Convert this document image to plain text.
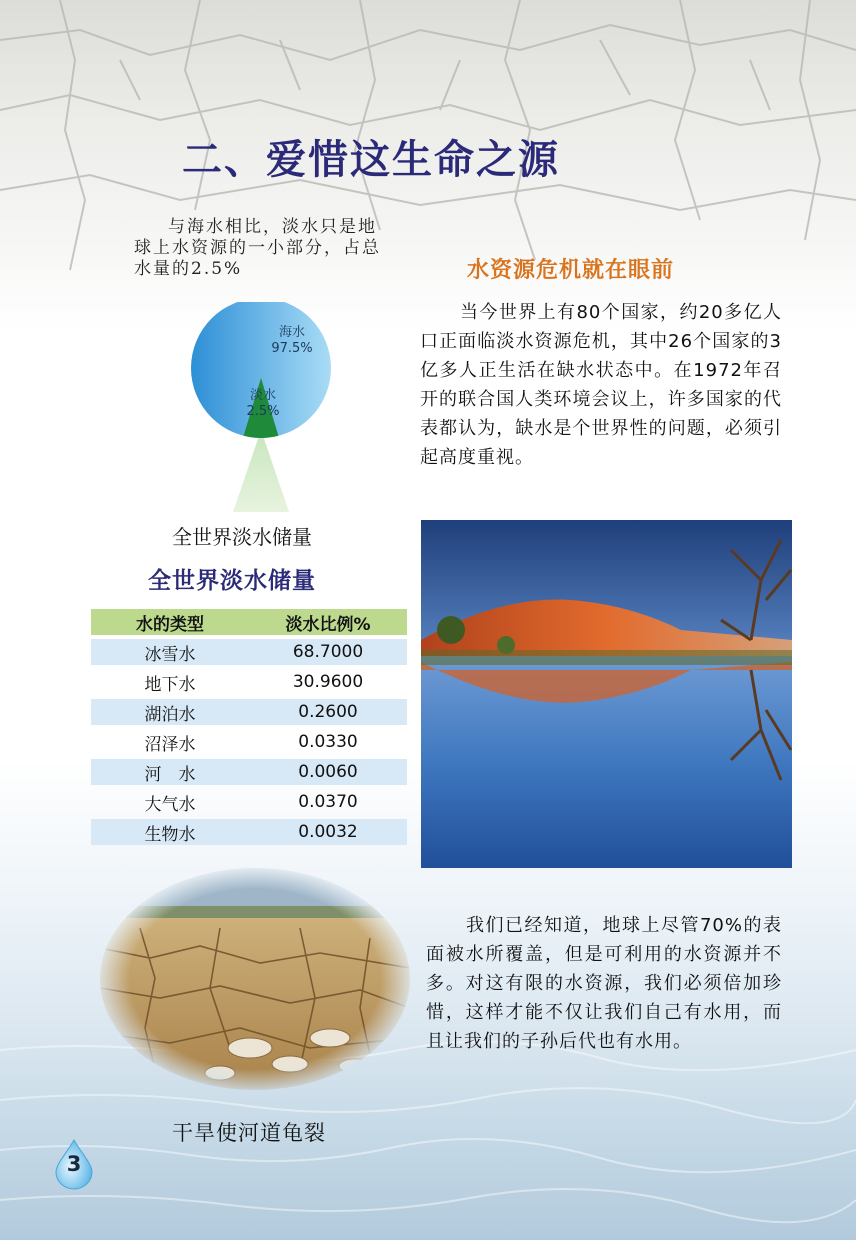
二、爱惜这生命之源

与海水相比，淡水只是地球上水资源的一小部分，占总水量的2.5%

海水
97.5%
淡水
2.5%
全世界淡水储量
全世界淡水储量
水的类型	淡水比例%
冰雪水	68.7000
地下水	30.9600
湖泊水	0.2600
沼泽水	0.0330
河　水	0.0060
大气水	0.0370
生物水	0.0032
水资源危机就在眼前

当今世界上有80个国家，约20多亿人口正面临淡水资源危机，其中26个国家的3亿多人正生活在缺水状态中。在1972年召开的联合国人类环境会议上，许多国家的代表都认为，缺水是个世界性的问题，必须引起高度重视。

干旱使河道龟裂

我们已经知道，地球上尽管70%的表面被水所覆盖，但是可利用的水资源并不多。对这有限的水资源，我们必须倍加珍惜，这样才能不仅让我们自己有水用，而且让我们的子孙后代也有水用。

3
